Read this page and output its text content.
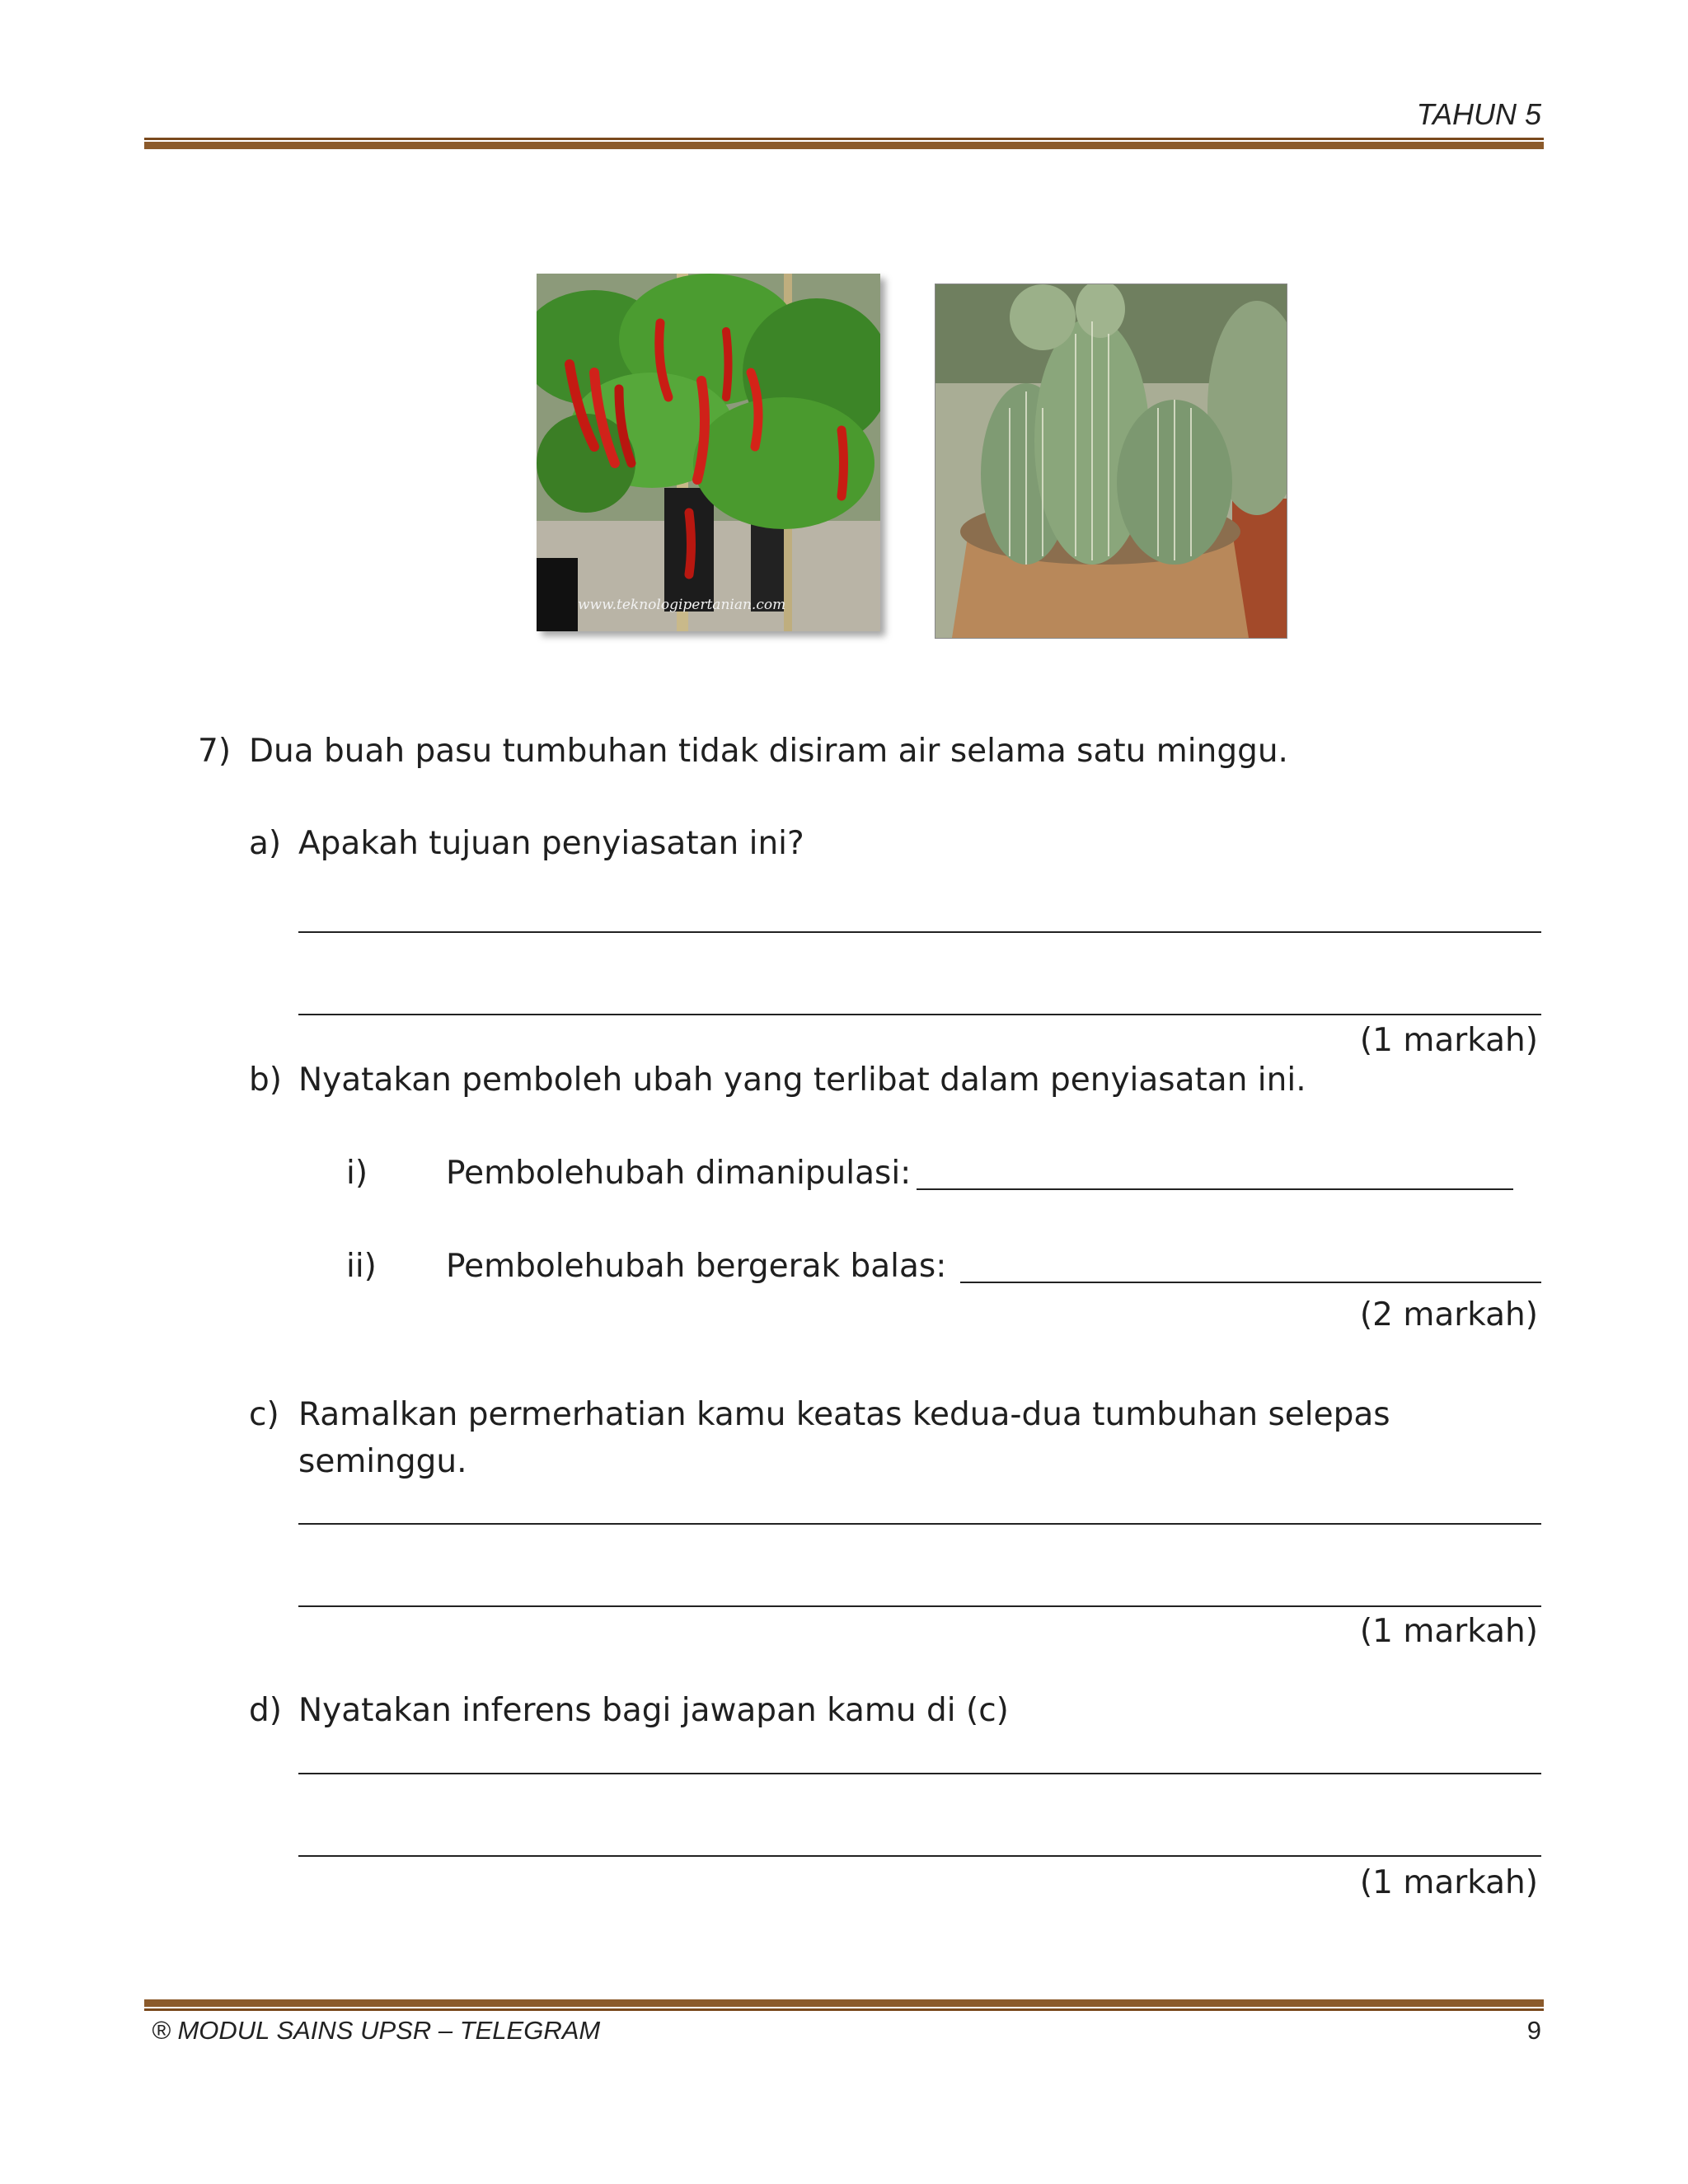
TAHUN 5
www.teknologipertanian.com
7) Dua buah pasu tumbuhan tidak disiram air selama satu minggu.
a) Apakah tujuan penyiasatan ini?
(1 markah)
b) Nyatakan pemboleh ubah yang terlibat dalam penyiasatan ini.
i) Pembolehubah dimanipulasi:
ii) Pembolehubah bergerak balas:
(2 markah)
c) Ramalkan permerhatian kamu keatas kedua-dua tumbuhan selepas
seminggu.
(1 markah)
d) Nyatakan inferens bagi jawapan kamu di (c)
(1 markah)
® MODUL SAINS UPSR – TELEGRAM	9
